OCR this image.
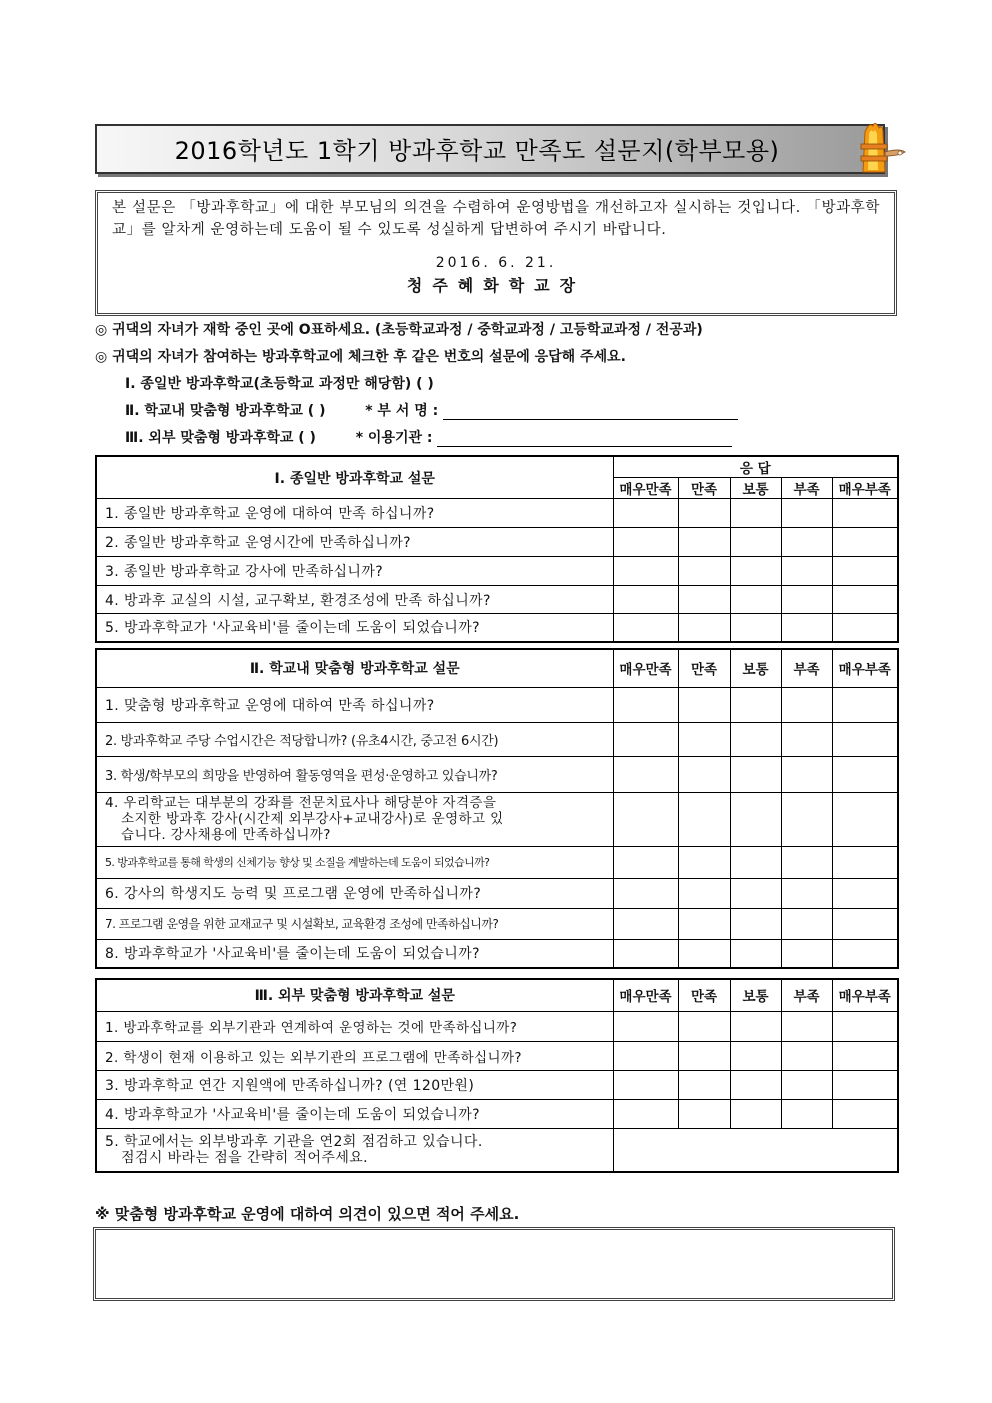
2016학년도 1학기 방과후학교 만족도 설문지(학부모용)

본 설문은 「방과후학교」에 대한 부모님의 의견을 수렴하여 운영방법을 개선하고자 실시하는 것입니다. 「방과후학교」를 알차게 운영하는데 도움이 될 수 있도록 성실하게 답변하여 주시기 바랍니다.

2016. 6. 21.
청주혜화학교장
◎ 귀댁의 자녀가 재학 중인 곳에 O표하세요. (초등학교과정 / 중학교과정 / 고등학교과정 / 전공과)
◎ 귀댁의 자녀가 참여하는 방과후학교에 체크한 후 같은 번호의 설문에 응답해 주세요.
Ⅰ. 종일반 방과후학교(초등학교 과정만 해당함) ( )
Ⅱ. 학교내 맞춤형 방과후학교 ( )	* 부 서 명 :
Ⅲ. 외부 맞춤형 방과후학교 ( )	* 이용기관 :
Ⅰ. 종일반 방과후학교 설문	응 답				
	매우만족	만족	보통	부족	매우부족
1. 종일반 방과후학교 운영에 대하여 만족 하십니까?					
2. 종일반 방과후학교 운영시간에 만족하십니까?					
3. 종일반 방과후학교 강사에 만족하십니까?					
4. 방과후 교실의 시설, 교구확보, 환경조성에 만족 하십니까?					
5. 방과후학교가 '사교육비'를 줄이는데 도움이 되었습니까?					
Ⅱ. 학교내 맞춤형 방과후학교 설문	매우만족	만족	보통	부족	매우부족
1. 맞춤형 방과후학교 운영에 대하여 만족 하십니까?					
2. 방과후학교 주당 수업시간은 적당합니까? (유초4시간, 중고전 6시간)					
3. 학생/학부모의 희망을 반영하여 활동영역을 편성·운영하고 있습니까?					
4. 우리학교는 대부분의 강좌를 전문치료사나 해당분야 자격증을
소지한 방과후 강사(시간제 외부강사+교내강사)로 운영하고 있
습니다. 강사채용에 만족하십니까?					

5. 방과후학교를 통해 학생의 신체기능 향상 및 소질을 계발하는데 도움이 되었습니까?					
6. 강사의 학생지도 능력 및 프로그램 운영에 만족하십니까?					
7. 프로그램 운영을 위한 교재교구 및 시설확보, 교육환경 조성에 만족하십니까?					
8. 방과후학교가 '사교육비'를 줄이는데 도움이 되었습니까?					
Ⅲ. 외부 맞춤형 방과후학교 설문	매우만족	만족	보통	부족	매우부족
1. 방과후학교를 외부기관과 연계하여 운영하는 것에 만족하십니까?					
2. 학생이 현재 이용하고 있는 외부기관의 프로그램에 만족하십니까?					
3. 방과후학교 연간 지원액에 만족하십니까? (연 120만원)					
4. 방과후학교가 '사교육비'를 줄이는데 도움이 되었습니까?					
5. 학교에서는 외부방과후 기관을 연2회 점검하고 있습니다.
점검시 바라는 점을 간략히 적어주세요.					

※ 맞춤형 방과후학교 운영에 대하여 의견이 있으면 적어 주세요.
